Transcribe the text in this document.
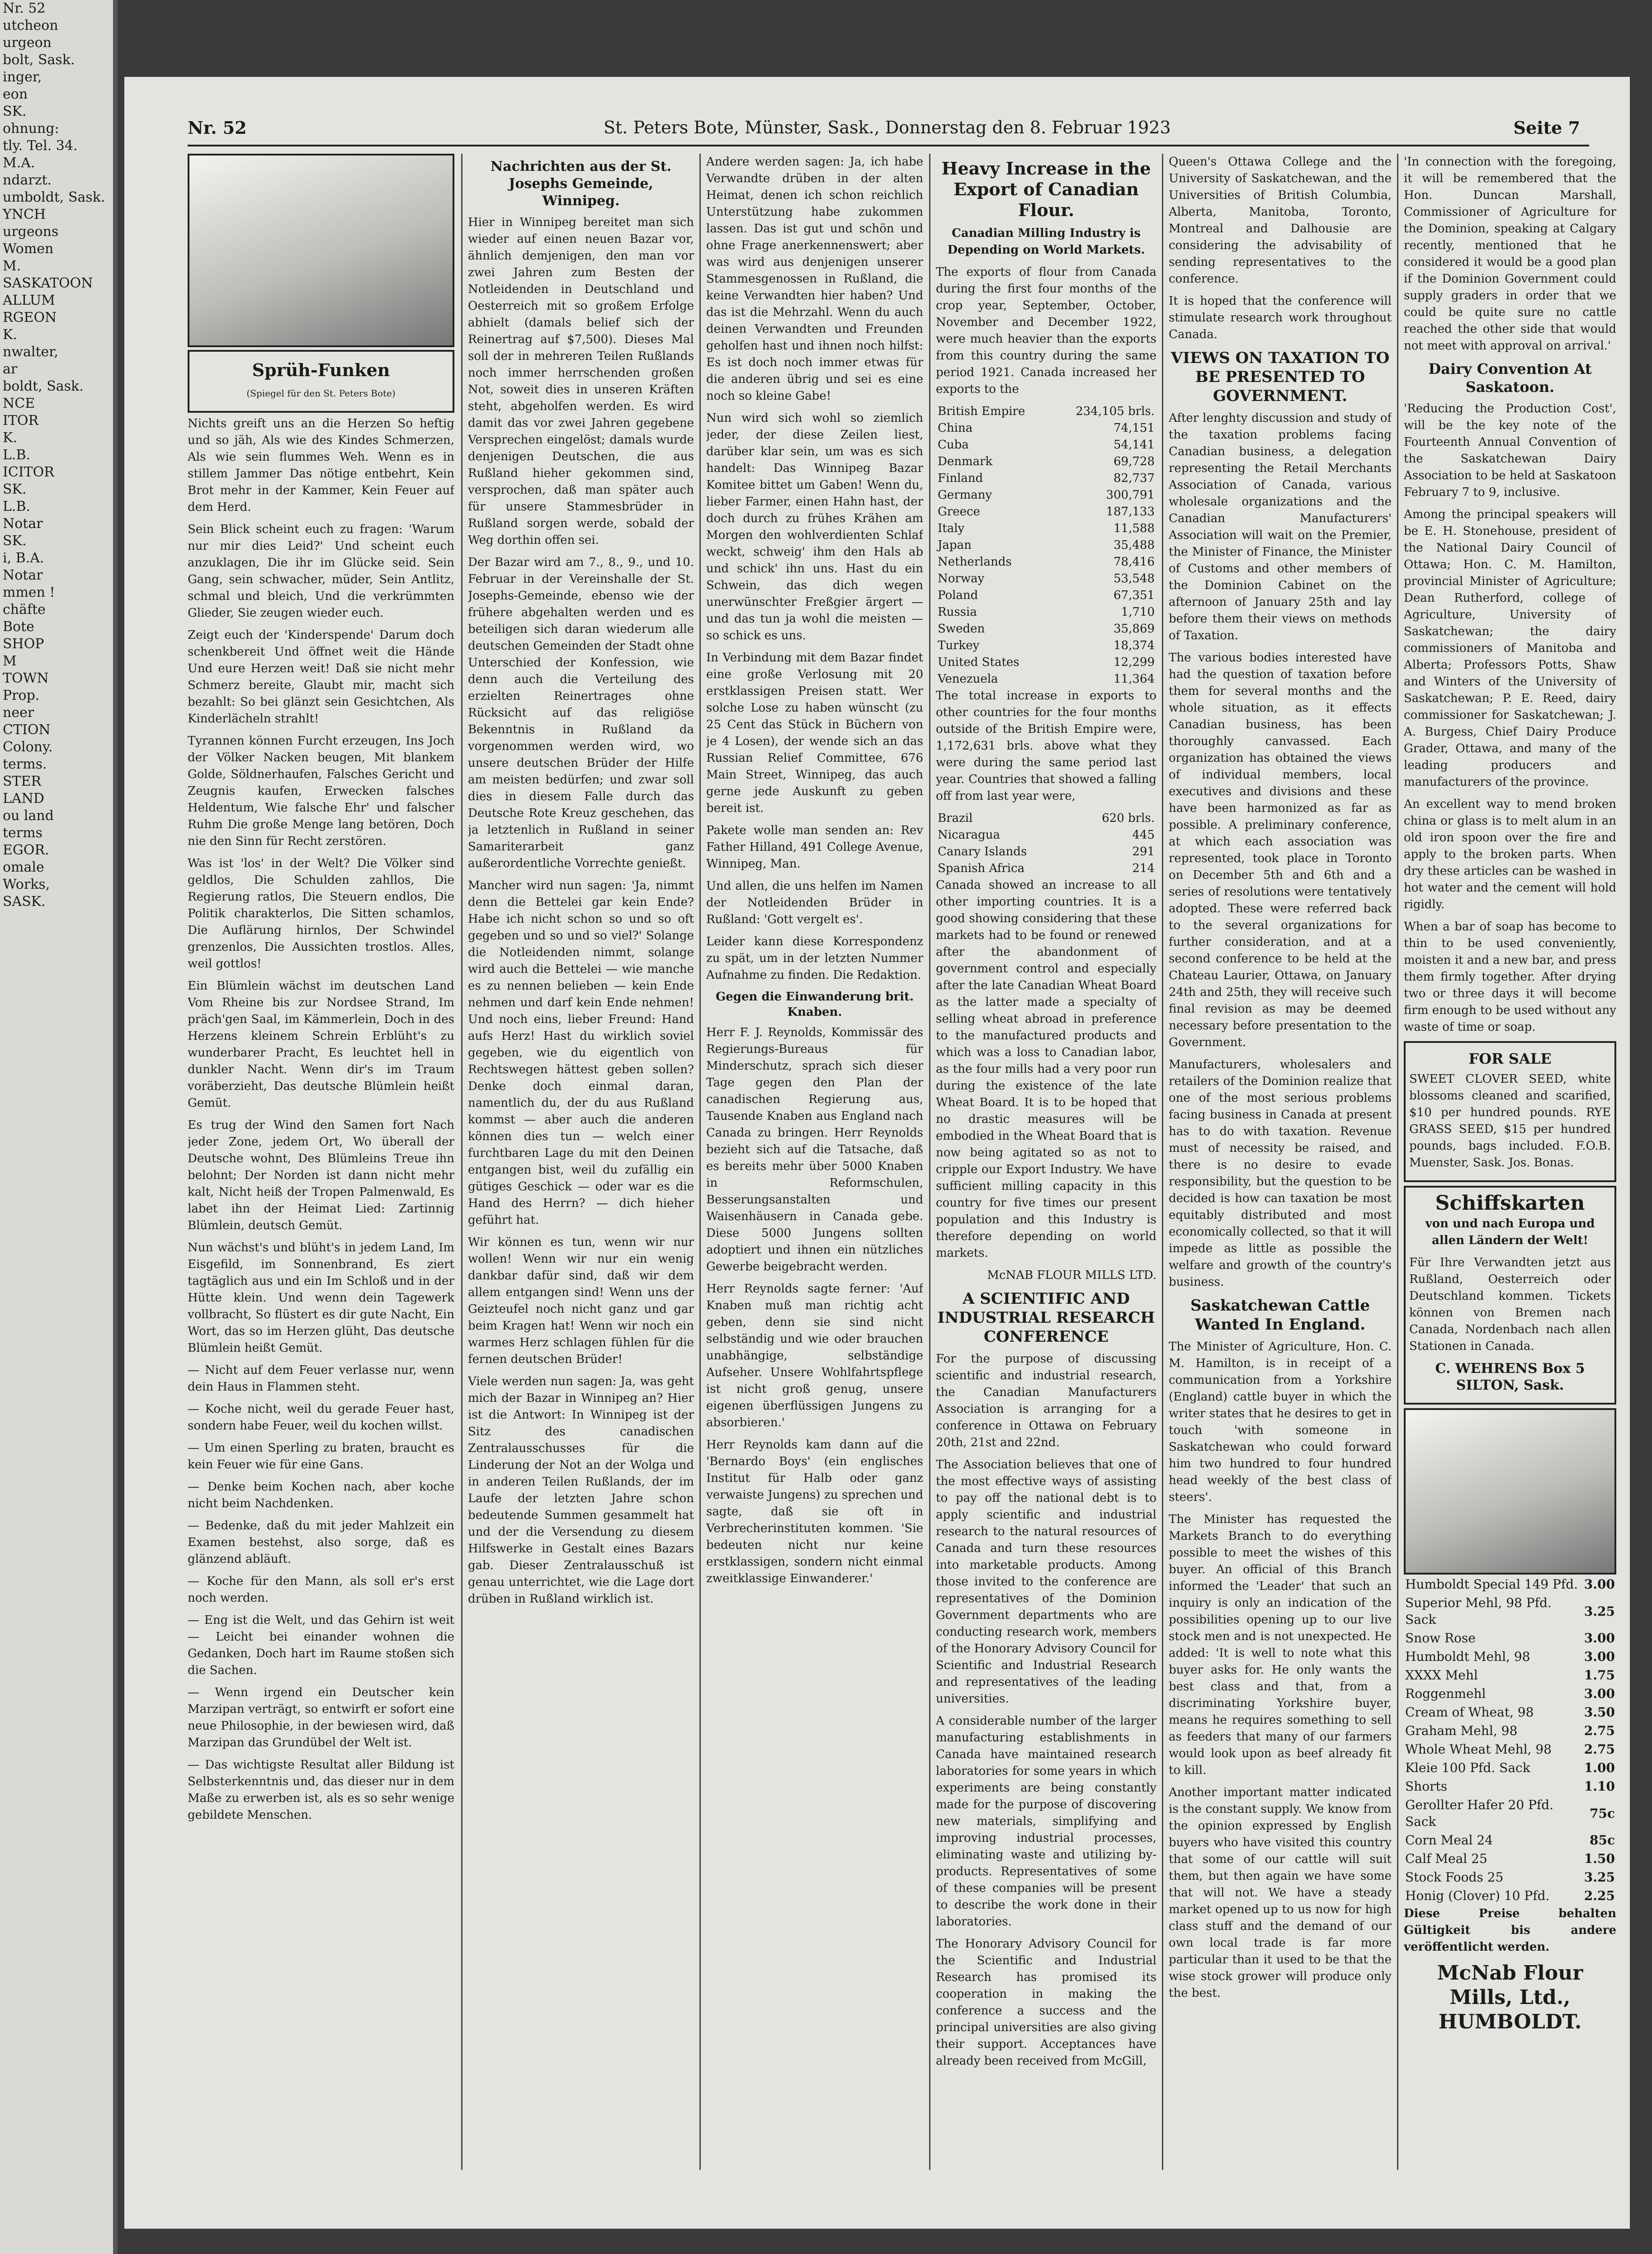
Nr. 52
utcheon
urgeon
bolt, Sask.
inger,
eon
SK.
ohnung:
tly. Tel. 34.
M.A.
ndarzt.
umboldt, Sask.
YNCH
urgeons
Women
M.
SASKATOON
ALLUM
RGEON
K.
nwalter,
ar
boldt, Sask.
NCE
ITOR
K.
L.B.
ICITOR
SK.
L.B.
Notar
SK.
i, B.A.
Notar
mmen !
chäfte
Bote
SHOP
M
TOWN
Prop.
neer
CTION
Colony.
terms.
STER
LAND
ou land
terms
EGOR.
omale
Works,
SASK.
Nr. 52	St. Peters Bote, Münster, Sask., Donnerstag den 8. Februar 1923	Seite 7
Sprüh-Funken
(Spiegel für den St. Peters Bote)

Nichts greift uns an die Herzen So heftig und so jäh, Als wie des Kindes Schmerzen, Als wie sein flummes Weh. Wenn es in stillem Jammer Das nötige entbehrt, Kein Brot mehr in der Kammer, Kein Feuer auf dem Herd.

Sein Blick scheint euch zu fragen: 'Warum nur mir dies Leid?' Und scheint euch anzuklagen, Die ihr im Glücke seid. Sein Gang, sein schwacher, müder, Sein Antlitz, schmal und bleich, Und die verkrümmten Glieder, Sie zeugen wieder euch.

Zeigt euch der 'Kinderspende' Darum doch schenkbereit Und öffnet weit die Hände Und eure Herzen weit! Daß sie nicht mehr Schmerz bereite, Glaubt mir, macht sich bezahlt: So bei glänzt sein Gesichtchen, Als Kinderlächeln strahlt!

Tyrannen können Furcht erzeugen, Ins Joch der Völker Nacken beugen, Mit blankem Golde, Söldnerhaufen, Falsches Gericht und Zeugnis kaufen, Erwecken falsches Heldentum, Wie falsche Ehr' und falscher Ruhm Die große Menge lang betören, Doch nie den Sinn für Recht zerstören.

Was ist 'los' in der Welt? Die Völker sind geldlos, Die Schulden zahllos, Die Regierung ratlos, Die Steuern endlos, Die Politik charakterlos, Die Sitten schamlos, Die Auflärung hirnlos, Der Schwindel grenzenlos, Die Aussichten trostlos. Alles, weil gottlos!

Ein Blümlein wächst im deutschen Land Vom Rheine bis zur Nordsee Strand, Im präch'gen Saal, im Kämmerlein, Doch in des Herzens kleinem Schrein Erblüht's zu wunderbarer Pracht, Es leuchtet hell in dunkler Nacht. Wenn dir's im Traum voräberzieht, Das deutsche Blümlein heißt Gemüt.

Es trug der Wind den Samen fort Nach jeder Zone, jedem Ort, Wo überall der Deutsche wohnt, Des Blümleins Treue ihn belohnt; Der Norden ist dann nicht mehr kalt, Nicht heiß der Tropen Palmenwald, Es labet ihn der Heimat Lied: Zartinnig Blümlein, deutsch Gemüt.

Nun wächst's und blüht's in jedem Land, Im Eisgefild, im Sonnenbrand, Es ziert tagtäglich aus und ein Im Schloß und in der Hütte klein. Und wenn dein Tagewerk vollbracht, So flüstert es dir gute Nacht, Ein Wort, das so im Herzen glüht, Das deutsche Blümlein heißt Gemüt.

— Nicht auf dem Feuer verlasse nur, wenn dein Haus in Flammen steht.

— Koche nicht, weil du gerade Feuer hast, sondern habe Feuer, weil du kochen willst.

— Um einen Sperling zu braten, braucht es kein Feuer wie für eine Gans.

— Denke beim Kochen nach, aber koche nicht beim Nachdenken.

— Bedenke, daß du mit jeder Mahlzeit ein Examen bestehst, also sorge, daß es glänzend abläuft.

— Koche für den Mann, als soll er's erst noch werden.

— Eng ist die Welt, und das Gehirn ist weit — Leicht bei einander wohnen die Gedanken, Doch hart im Raume stoßen sich die Sachen.

— Wenn irgend ein Deutscher kein Marzipan verträgt, so entwirft er sofort eine neue Philosophie, in der bewiesen wird, daß Marzipan das Grundübel der Welt ist.

— Das wichtigste Resultat aller Bildung ist Selbsterkenntnis und, das dieser nur in dem Maße zu erwerben ist, als es so sehr wenige gebildete Menschen.

Nachrichten aus der St. Josephs Gemeinde, Winnipeg.

Hier in Winnipeg bereitet man sich wieder auf einen neuen Bazar vor, ähnlich demjenigen, den man vor zwei Jahren zum Besten der Notleidenden in Deutschland und Oesterreich mit so großem Erfolge abhielt (damals belief sich der Reinertrag auf $7,500). Dieses Mal soll der in mehreren Teilen Rußlands noch immer herrschenden großen Not, soweit dies in unseren Kräften steht, abgeholfen werden. Es wird damit das vor zwei Jahren gegebene Versprechen eingelöst; damals wurde denjenigen Deutschen, die aus Rußland hieher gekommen sind, versprochen, daß man später auch für unsere Stammesbrüder in Rußland sorgen werde, sobald der Weg dorthin offen sei.

Der Bazar wird am 7., 8., 9., und 10. Februar in der Vereinshalle der St. Josephs-Gemeinde, ebenso wie der frühere abgehalten werden und es beteiligen sich daran wiederum alle deutschen Gemeinden der Stadt ohne Unterschied der Konfession, wie denn auch die Verteilung des erzielten Reinertrages ohne Rücksicht auf das religiöse Bekenntnis in Rußland da vorgenommen werden wird, wo unsere deutschen Brüder der Hilfe am meisten bedürfen; und zwar soll dies in diesem Falle durch das Deutsche Rote Kreuz geschehen, das ja letztenlich in Rußland in seiner Samariterarbeit ganz außerordentliche Vorrechte genießt.

Mancher wird nun sagen: 'Ja, nimmt denn die Bettelei gar kein Ende? Habe ich nicht schon so und so oft gegeben und so und so viel?' Solange die Notleidenden nimmt, solange wird auch die Bettelei — wie manche es zu nennen belieben — kein Ende nehmen und darf kein Ende nehmen! Und noch eins, lieber Freund: Hand aufs Herz! Hast du wirklich soviel gegeben, wie du eigentlich von Rechtswegen hättest geben sollen? Denke doch einmal daran, namentlich du, der du aus Rußland kommst — aber auch die anderen können dies tun — welch einer furchtbaren Lage du mit den Deinen entgangen bist, weil du zufällig ein gütiges Geschick — oder war es die Hand des Herrn? — dich hieher geführt hat.

Wir können es tun, wenn wir nur wollen! Wenn wir nur ein wenig dankbar dafür sind, daß wir dem allem entgangen sind! Wenn uns der Geizteufel noch nicht ganz und gar beim Kragen hat! Wenn wir noch ein warmes Herz schlagen fühlen für die fernen deutschen Brüder!

Viele werden nun sagen: Ja, was geht mich der Bazar in Winnipeg an? Hier ist die Antwort: In Winnipeg ist der Sitz des canadischen Zentralausschusses für die Linderung der Not an der Wolga und in anderen Teilen Rußlands, der im Laufe der letzten Jahre schon bedeutende Summen gesammelt hat und der die Versendung zu diesem Hilfswerke in Gestalt eines Bazars gab. Dieser Zentralausschuß ist genau unterrichtet, wie die Lage dort drüben in Rußland wirklich ist.

Andere werden sagen: Ja, ich habe Verwandte drüben in der alten Heimat, denen ich schon reichlich Unterstützung habe zukommen lassen. Das ist gut und schön und ohne Frage anerkennenswert; aber was wird aus denjenigen unserer Stammesgenossen in Rußland, die keine Verwandten hier haben? Und das ist die Mehrzahl. Wenn du auch deinen Verwandten und Freunden geholfen hast und ihnen noch hilfst: Es ist doch noch immer etwas für die anderen übrig und sei es eine noch so kleine Gabe!

Nun wird sich wohl so ziemlich jeder, der diese Zeilen liest, darüber klar sein, um was es sich handelt: Das Winnipeg Bazar Komitee bittet um Gaben! Wenn du, lieber Farmer, einen Hahn hast, der doch durch zu frühes Krähen am Morgen den wohlverdienten Schlaf weckt, schweig' ihm den Hals ab und schick' ihn uns. Hast du ein Schwein, das dich wegen unerwünschter Freßgier ärgert — und das tun ja wohl die meisten — so schick es uns.

In Verbindung mit dem Bazar findet eine große Verlosung mit 20 erstklassigen Preisen statt. Wer solche Lose zu haben wünscht (zu 25 Cent das Stück in Büchern von je 4 Losen), der wende sich an das Russian Relief Committee, 676 Main Street, Winnipeg, das auch gerne jede Auskunft zu geben bereit ist.

Pakete wolle man senden an: Rev Father Hilland, 491 College Avenue, Winnipeg, Man.

Und allen, die uns helfen im Namen der Notleidenden Brüder in Rußland: 'Gott vergelt es'.

Leider kann diese Korrespondenz zu spät, um in der letzten Nummer Aufnahme zu finden. Die Redaktion.

Gegen die Einwanderung brit. Knaben.

Herr F. J. Reynolds, Kommissär des Regierungs-Bureaus für Minderschutz, sprach sich dieser Tage gegen den Plan der canadischen Regierung aus, Tausende Knaben aus England nach Canada zu bringen. Herr Reynolds bezieht sich auf die Tatsache, daß es bereits mehr über 5000 Knaben in Reformschulen, Besserungsanstalten und Waisenhäusern in Canada gebe. Diese 5000 Jungens sollten adoptiert und ihnen ein nützliches Gewerbe beigebracht werden.

Herr Reynolds sagte ferner: 'Auf Knaben muß man richtig acht geben, denn sie sind nicht selbständig und wie oder brauchen unabhängige, selbständige Aufseher. Unsere Wohlfahrtspflege ist nicht groß genug, unsere eigenen überflüssigen Jungens zu absorbieren.'

Herr Reynolds kam dann auf die 'Bernardo Boys' (ein englisches Institut für Halb oder ganz verwaiste Jungens) zu sprechen und sagte, daß sie oft in Verbrecherinstituten kommen. 'Sie bedeuten nicht nur keine erstklassigen, sondern nicht einmal zweitklassige Einwanderer.'

Heavy Increase in the Export of Canadian Flour.
Canadian Milling Industry is Depending on World Markets.

The exports of flour from Canada during the first four months of the crop year, September, October, November and December 1922, were much heavier than the exports from this country during the same period 1921. Canada increased her exports to the

British Empire	234,105 brls.
China	74,151
Cuba	54,141
Denmark	69,728
Finland	82,737
Germany	300,791
Greece	187,133
Italy	11,588
Japan	35,488
Netherlands	78,416
Norway	53,548
Poland	67,351
Russia	1,710
Sweden	35,869
Turkey	18,374
United States	12,299
Venezuela	11,364

The total increase in exports to other countries for the four months outside of the British Empire were, 1,172,631 brls. above what they were during the same period last year. Countries that showed a falling off from last year were,

Brazil	620 brls.
Nicaragua	445
Canary Islands	291
Spanish Africa	214

Canada showed an increase to all other importing countries. It is a good showing considering that these markets had to be found or renewed after the abandonment of government control and especially after the late Canadian Wheat Board as the latter made a specialty of selling wheat abroad in preference to the manufactured products and which was a loss to Canadian labor, as the four mills had a very poor run during the existence of the late Wheat Board. It is to be hoped that no drastic measures will be embodied in the Wheat Board that is now being agitated so as not to cripple our Export Industry. We have sufficient milling capacity in this country for five times our present population and this Industry is therefore depending on world markets.

McNAB FLOUR MILLS LTD.

A SCIENTIFIC AND INDUSTRIAL RESEARCH CONFERENCE

For the purpose of discussing scientific and industrial research, the Canadian Manufacturers Association is arranging for a conference in Ottawa on February 20th, 21st and 22nd.

The Association believes that one of the most effective ways of assisting to pay off the national debt is to apply scientific and industrial research to the natural resources of Canada and turn these resources into marketable products. Among those invited to the conference are representatives of the Dominion Government departments who are conducting research work, members of the Honorary Advisory Council for Scientific and Industrial Research and representatives of the leading universities.

A considerable number of the larger manufacturing establishments in Canada have maintained research laboratories for some years in which experiments are being constantly made for the purpose of discovering new materials, simplifying and improving industrial processes, eliminating waste and utilizing by-products. Representatives of some of these companies will be present to describe the work done in their laboratories.

The Honorary Advisory Council for the Scientific and Industrial Research has promised its cooperation in making the conference a success and the principal universities are also giving their support. Acceptances have already been received from McGill,

Queen's Ottawa College and the University of Saskatchewan, and the Universities of British Columbia, Alberta, Manitoba, Toronto, Montreal and Dalhousie are considering the advisability of sending representatives to the conference.

It is hoped that the conference will stimulate research work throughout Canada.

VIEWS ON TAXATION TO BE PRESENTED TO GOVERNMENT.

After lenghty discussion and study of the taxation problems facing Canadian business, a delegation representing the Retail Merchants Association of Canada, various wholesale organizations and the Canadian Manufacturers' Association will wait on the Premier, the Minister of Finance, the Minister of Customs and other members of the Dominion Cabinet on the afternoon of January 25th and lay before them their views on methods of Taxation.

The various bodies interested have had the question of taxation before them for several months and the whole situation, as it effects Canadian business, has been thoroughly canvassed. Each organization has obtained the views of individual members, local executives and divisions and these have been harmonized as far as possible. A preliminary conference, at which each association was represented, took place in Toronto on December 5th and 6th and a series of resolutions were tentatively adopted. These were referred back to the several organizations for further consideration, and at a second conference to be held at the Chateau Laurier, Ottawa, on January 24th and 25th, they will receive such final revision as may be deemed necessary before presentation to the Government.

Manufacturers, wholesalers and retailers of the Dominion realize that one of the most serious problems facing business in Canada at present has to do with taxation. Revenue must of necessity be raised, and there is no desire to evade responsibility, but the question to be decided is how can taxation be most equitably distributed and most economically collected, so that it will impede as little as possible the welfare and growth of the country's business.

Saskatchewan Cattle Wanted In England.

The Minister of Agriculture, Hon. C. M. Hamilton, is in receipt of a communication from a Yorkshire (England) cattle buyer in which the writer states that he desires to get in touch 'with someone in Saskatchewan who could forward him two hundred to four hundred head weekly of the best class of steers'.

The Minister has requested the Markets Branch to do everything possible to meet the wishes of this buyer. An official of this Branch informed the 'Leader' that such an inquiry is only an indication of the possibilities opening up to our live stock men and is not unexpected. He added: 'It is well to note what this buyer asks for. He only wants the best class and that, from a discriminating Yorkshire buyer, means he requires something to sell as feeders that many of our farmers would look upon as beef already fit to kill.

Another important matter indicated is the constant supply. We know from the opinion expressed by English buyers who have visited this country that some of our cattle will suit them, but then again we have some that will not. We have a steady market opened up to us now for high class stuff and the demand of our own local trade is far more particular than it used to be that the wise stock grower will produce only the best.

'In connection with the foregoing, it will be remembered that the Hon. Duncan Marshall, Commissioner of Agriculture for the Dominion, speaking at Calgary recently, mentioned that he considered it would be a good plan if the Dominion Government could supply graders in order that we could be quite sure no cattle reached the other side that would not meet with approval on arrival.'

Dairy Convention At Saskatoon.

'Reducing the Production Cost', will be the key note of the Fourteenth Annual Convention of the Saskatchewan Dairy Association to be held at Saskatoon February 7 to 9, inclusive.

Among the principal speakers will be E. H. Stonehouse, president of the National Dairy Council of Ottawa; Hon. C. M. Hamilton, provincial Minister of Agriculture; Dean Rutherford, college of Agriculture, University of Saskatchewan; the dairy commissioners of Manitoba and Alberta; Professors Potts, Shaw and Winters of the University of Saskatchewan; P. E. Reed, dairy commissioner for Saskatchewan; J. A. Burgess, Chief Dairy Produce Grader, Ottawa, and many of the leading producers and manufacturers of the province.

An excellent way to mend broken china or glass is to melt alum in an old iron spoon over the fire and apply to the broken parts. When dry these articles can be washed in hot water and the cement will hold rigidly.

When a bar of soap has become to thin to be used conveniently, moisten it and a new bar, and press them firmly together. After drying two or three days it will become firm enough to be used without any waste of time or soap.

FOR SALE

SWEET CLOVER SEED, white blossoms cleaned and scarified, $10 per hundred pounds. RYE GRASS SEED, $15 per hundred pounds, bags included. F.O.B. Muenster, Sask. Jos. Bonas.

Schiffskarten
von und nach Europa und allen Ländern der Welt!

Für Ihre Verwandten jetzt aus Rußland, Oesterreich oder Deutschland kommen. Tickets können von Bremen nach Canada, Nordenbach nach allen Stationen in Canada.

C. WEHRENS Box 5 SILTON, Sask.
Humboldt Special 149 Pfd.	3.00
Superior Mehl, 98 Pfd. Sack	3.25
Snow Rose	3.00
Humboldt Mehl, 98	3.00
XXXX Mehl	1.75
Roggenmehl	3.00
Cream of Wheat, 98	3.50
Graham Mehl, 98	2.75
Whole Wheat Mehl, 98	2.75
Kleie 100 Pfd. Sack	1.00
Shorts	1.10
Gerollter Hafer 20 Pfd. Sack	75c
Corn Meal 24	85c
Calf Meal 25	1.50
Stock Foods 25	3.25
Honig (Clover) 10 Pfd.	2.25

Diese Preise behalten Gültigkeit bis andere veröffentlicht werden.

McNab Flour Mills, Ltd., HUMBOLDT.
